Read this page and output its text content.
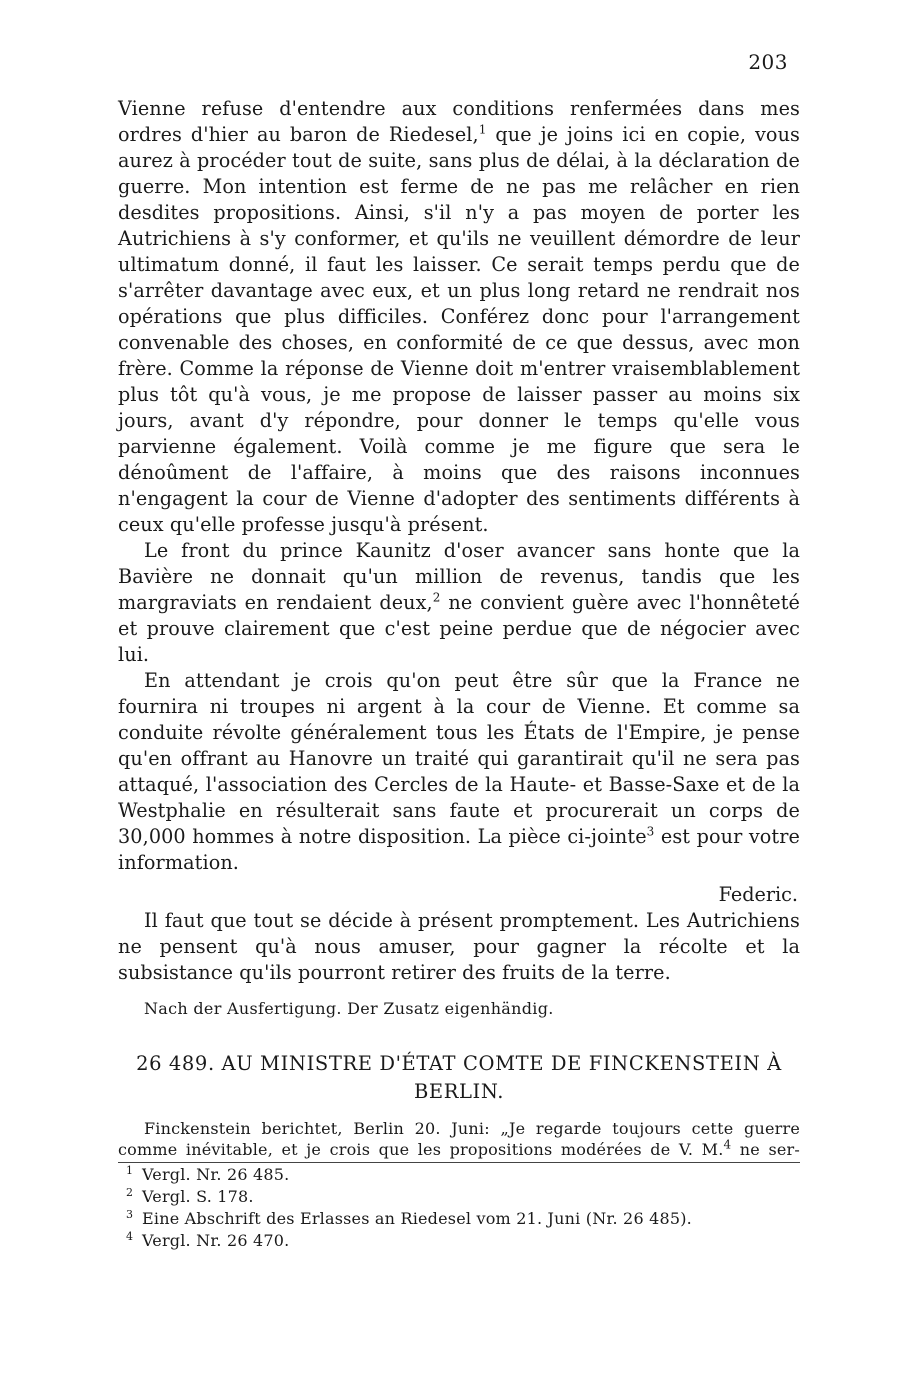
203

Vienne refuse d'entendre aux conditions renfermées dans mes ordres d'hier au baron de Riedesel,$^1$ que je joins ici en copie, vous aurez à procéder tout de suite, sans plus de délai, à la déclaration de guerre. Mon intention est ferme de ne pas me relâcher en rien desdites propositions. Ainsi, s'il n'y a pas moyen de porter les Autrichiens à s'y conformer, et qu'ils ne veuillent démordre de leur ultimatum donné, il faut les laisser. Ce serait temps perdu que de s'arrêter davantage avec eux, et un plus long retard ne rendrait nos opérations que plus difficiles. Conférez donc pour l'arrangement convenable des choses, en conformité de ce que dessus, avec mon frère. Comme la réponse de Vienne doit m'entrer vraisemblablement plus tôt qu'à vous, je me propose de laisser passer au moins six jours, avant d'y répondre, pour donner le temps qu'elle vous parvienne également. Voilà comme je me figure que sera le dénoûment de l'affaire, à moins que des raisons inconnues n'engagent la cour de Vienne d'adopter des sentiments différents à ceux qu'elle professe jusqu'à présent.

Le front du prince Kaunitz d'oser avancer sans honte que la Bavière ne donnait qu'un million de revenus, tandis que les margraviats en rendaient deux,$^2$ ne convient guère avec l'honnêteté et prouve clairement que c'est peine perdue que de négocier avec lui.

En attendant je crois qu'on peut être sûr que la France ne fournira ni troupes ni argent à la cour de Vienne. Et comme sa conduite révolte généralement tous les États de l'Empire, je pense qu'en offrant au Hanovre un traité qui garantirait qu'il ne sera pas attaqué, l'association des Cercles de la Haute- et Basse-Saxe et de la Westphalie en résulterait sans faute et procurerait un corps de 30,000 hommes à notre disposition. La pièce ci-jointe$^3$ est pour votre information.

Federic.

Il faut que tout se décide à présent promptement. Les Autrichiens ne pensent qu'à nous amuser, pour gagner la récolte et la subsistance qu'ils pourront retirer des fruits de la terre.

Nach der Ausfertigung. Der Zusatz eigenhändig.
26 489. AU MINISTRE D'ÉTAT COMTE DE FINCKENSTEIN À BERLIN.

Finckenstein berichtet, Berlin 20. Juni: „Je regarde toujours cette guerre comme inévitable, et je crois que les propositions modérées de V. M.$^4$ ne ser-

1 Vergl. Nr. 26 485.
2 Vergl. S. 178.
3 Eine Abschrift des Erlasses an Riedesel vom 21. Juni (Nr. 26 485).
4 Vergl. Nr. 26 470.
